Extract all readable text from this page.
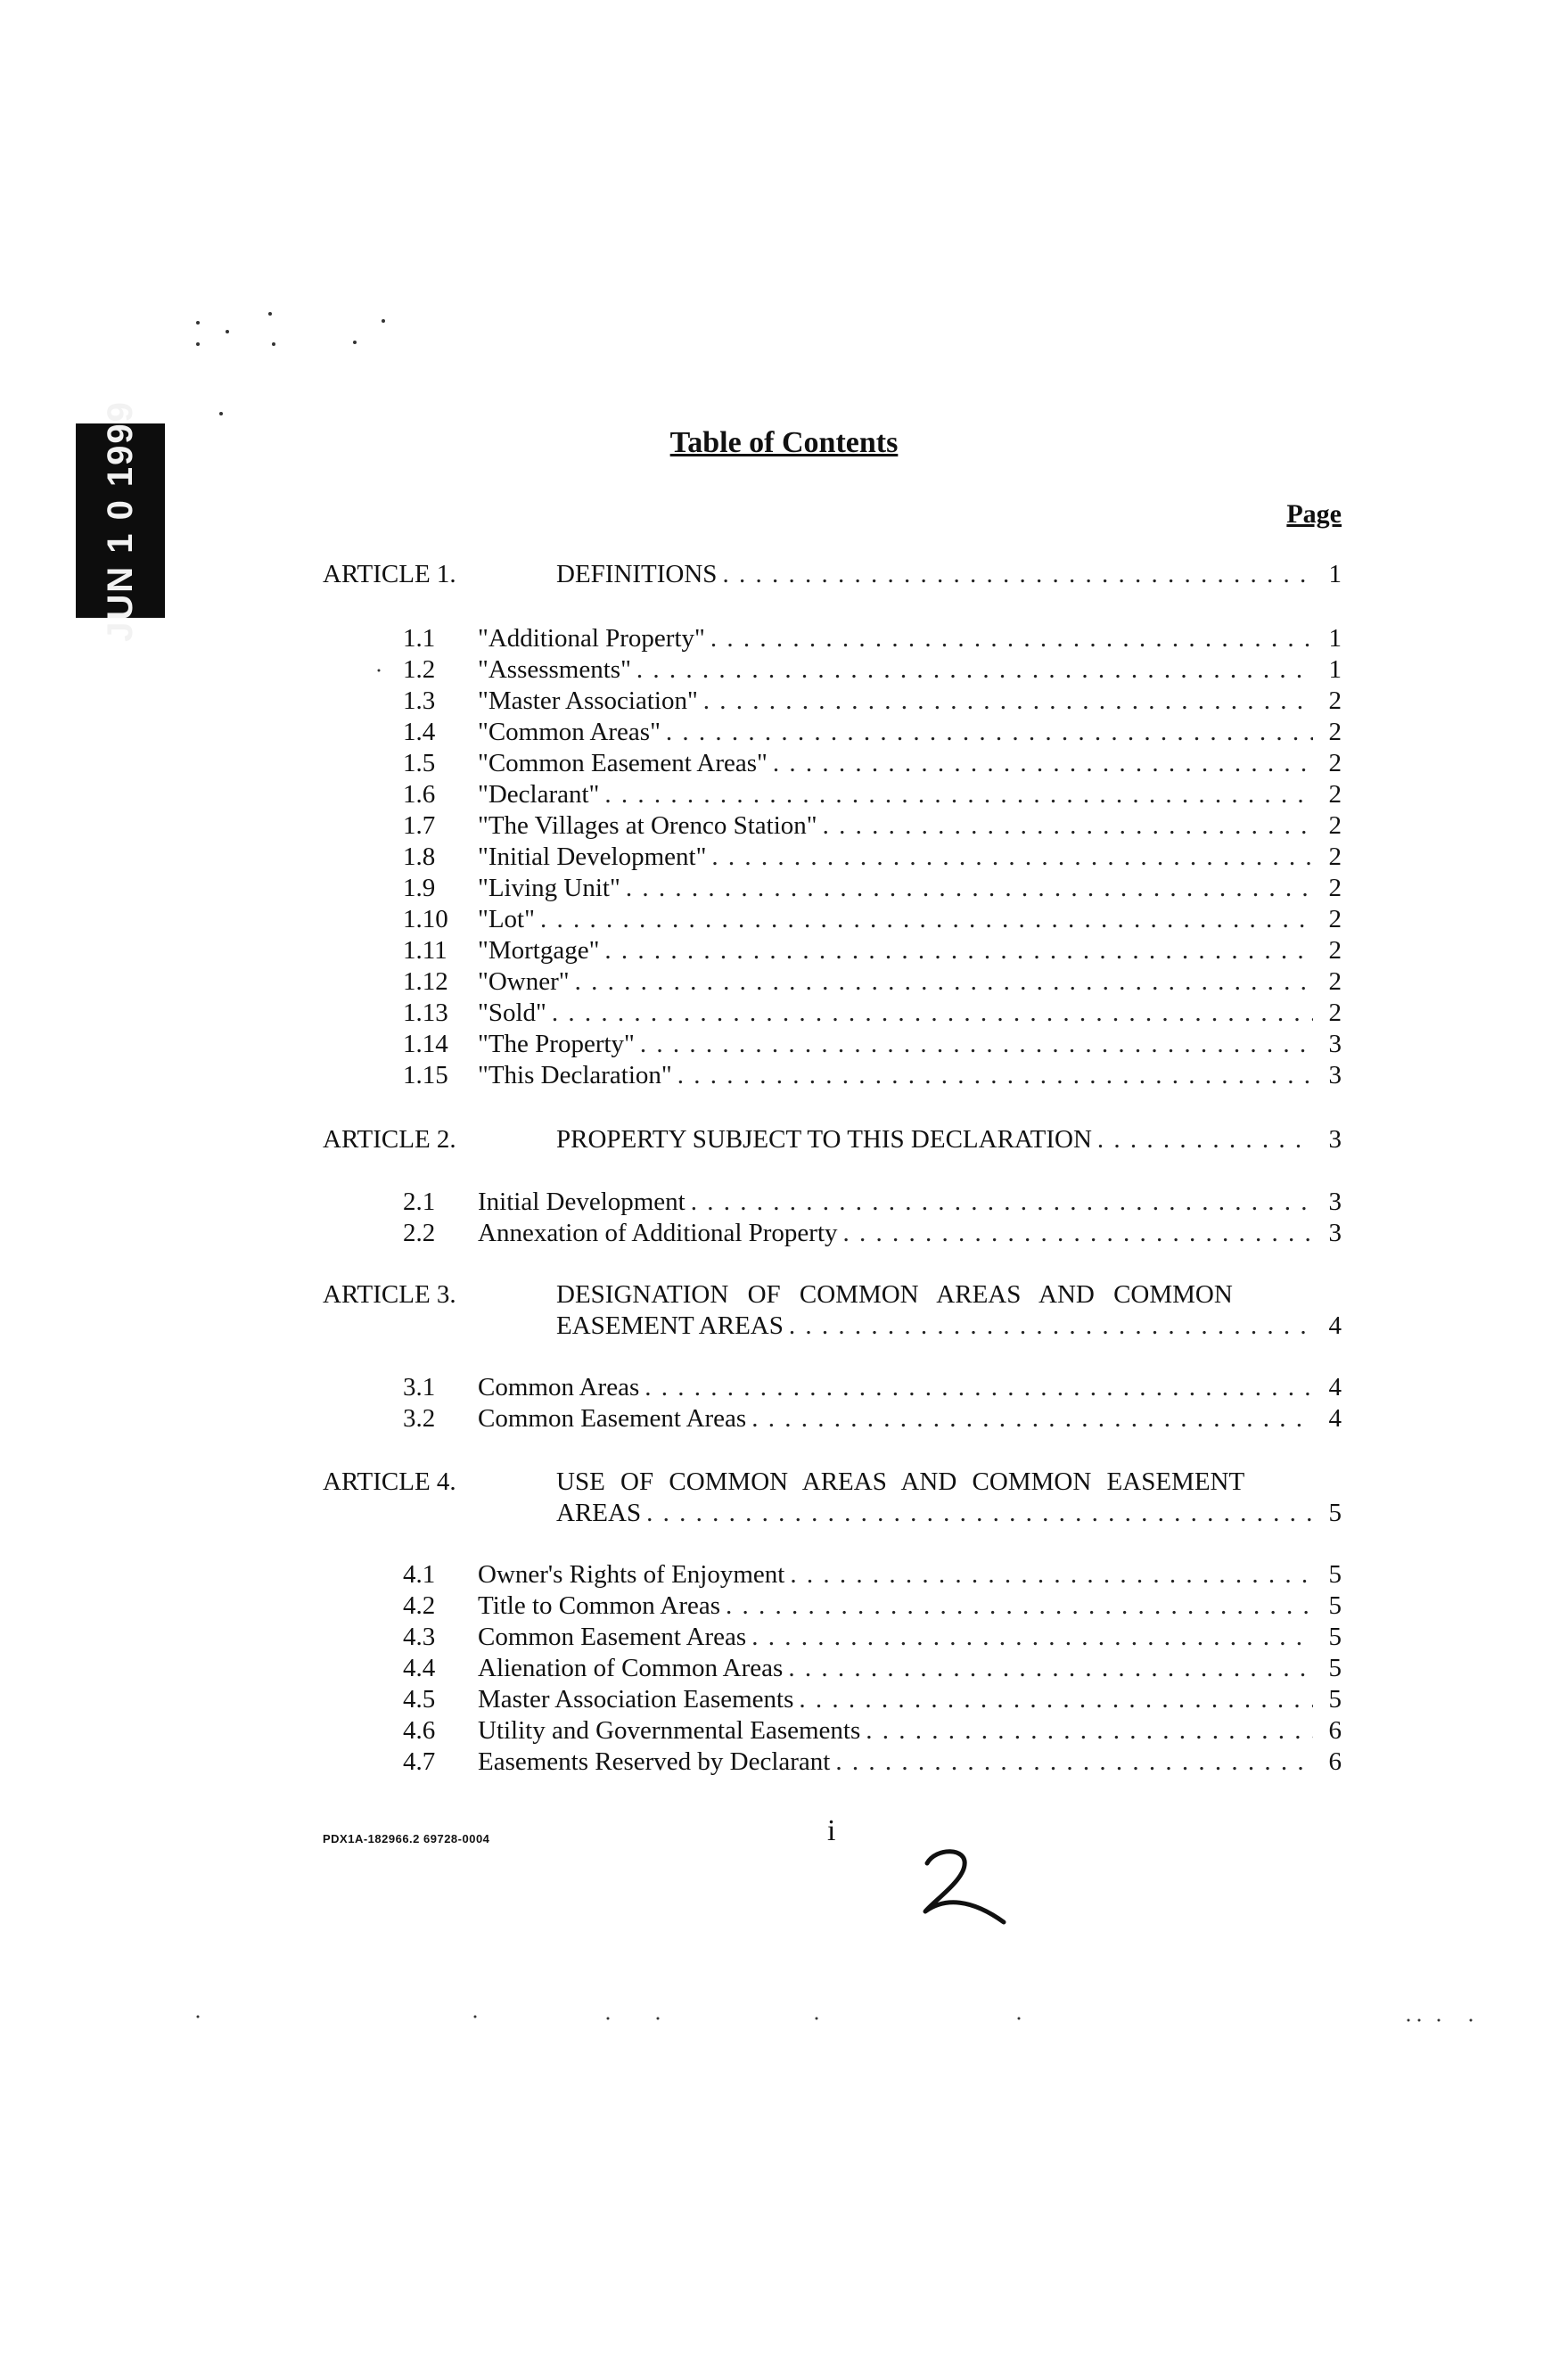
JUN 1 0 1999	Table of Contents
Page
ARTICLE 1.	DEFINITIONS . . .	1
1.1	"Additional Property" . . .	1
1.2	"Assessments" . . .	1
1.3	"Master Association" . . .	2
1.4	"Common Areas" . . .	2
1.5	"Common Easement Areas" . . .	2
1.6	"Declarant" . . .	2
1.7	"The Villages at Orenco Station" . . .	2
1.8	"Initial Development" . . .	2
1.9	"Living Unit" . . .	2
1.10	"Lot" . . .	2
1.11	"Mortgage" . . .	2
1.12	"Owner" . . .	2
1.13	"Sold" . . .	2
1.14	"The Property" . . .	3
1.15	"This Declaration" . . .	3
ARTICLE 2.	PROPERTY SUBJECT TO THIS DECLARATION . . .	3
2.1	Initial Development . . .	3
2.2	Annexation of Additional Property . . .	3
ARTICLE 3.	DESIGNATION OF COMMON AREAS AND COMMON
EASEMENT AREAS . . .	4
3.1	Common Areas . . .	4
3.2	Common Easement Areas . . .	4
ARTICLE 4.	USE OF COMMON AREAS AND COMMON EASEMENT
AREAS . . .	5
4.1	Owner's Rights of Enjoyment . . .	5
4.2	Title to Common Areas . . .	5
4.3	Common Easement Areas . . .	5
4.4	Alienation of Common Areas . . .	5
4.5	Master Association Easements . . .	5
4.6	Utility and Governmental Easements . . .	6
4.7	Easements Reserved by Declarant . . .	6
PDX1A-182966.2 69728-0004	i
